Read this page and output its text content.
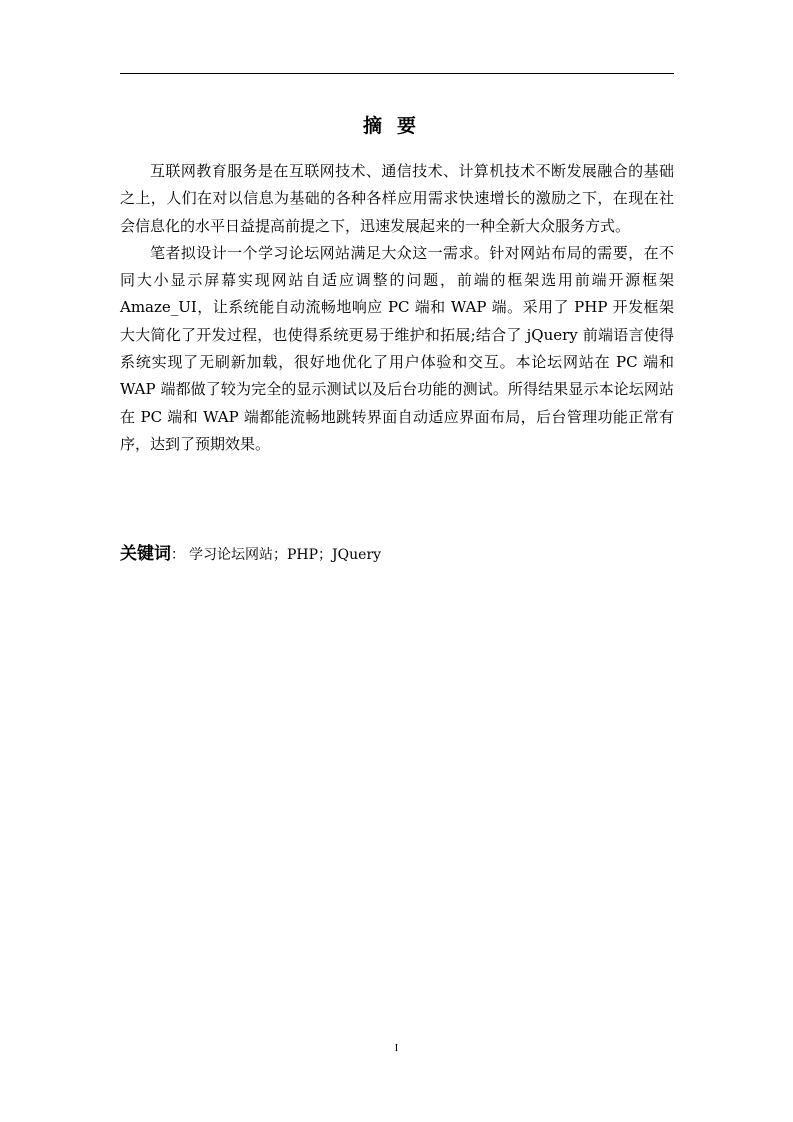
摘要

互联网教育服务是在互联网技术、通信技术、计算机技术不断发展融合的基础之上，人们在对以信息为基础的各种各样应用需求快速增长的激励之下，在现在社会信息化的水平日益提高前提之下，迅速发展起来的一种全新大众服务方式。

笔者拟设计一个学习论坛网站满足大众这一需求。针对网站布局的需要，在不同大小显示屏幕实现网站自适应调整的问题，前端的框架选用前端开源框架Amaze_UI，让系统能自动流畅地响应 PC 端和 WAP 端。采用了 PHP 开发框架大大简化了开发过程，也使得系统更易于维护和拓展;结合了 jQuery 前端语言使得系统实现了无刷新加载，很好地优化了用户体验和交互。本论坛网站在 PC 端和 WAP 端都做了较为完全的显示测试以及后台功能的测试。所得结果显示本论坛网站在 PC 端和 WAP 端都能流畅地跳转界面自动适应界面布局，后台管理功能正常有序，达到了预期效果。

关键词： 学习论坛网站；PHP；JQuery
I
